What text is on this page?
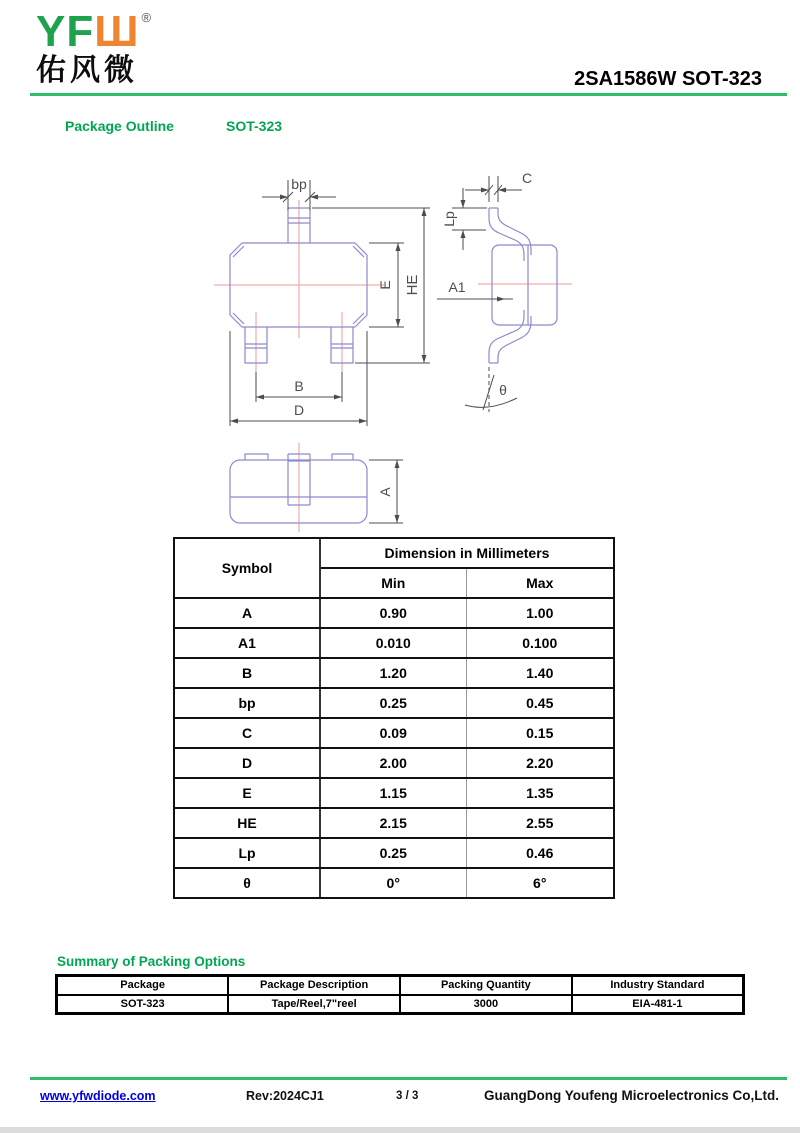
YFШ ®
佑风微	2SA1586W SOT-323
Package Outline	SOT-323
bp
E HE
B
D
C
Lp
A1
θ
A
Symbol	Dimension in Millimeters	
	Min	Max
A	0.90	1.00
A1	0.010	0.100
B	1.20	1.40
bp	0.25	0.45
C	0.09	0.15
D	2.00	2.20
E	1.15	1.35
HE	2.15	2.55
Lp	0.25	0.46
θ	0°	6°
Summary of Packing Options
Package	Package Description	Packing Quantity	Industry Standard
SOT-323	Tape/Reel,7"reel	3000	EIA-481-1
www.yfwdiode.com	Rev:2024CJ1	3 / 3	GuangDong Youfeng Microelectronics Co,Ltd.
